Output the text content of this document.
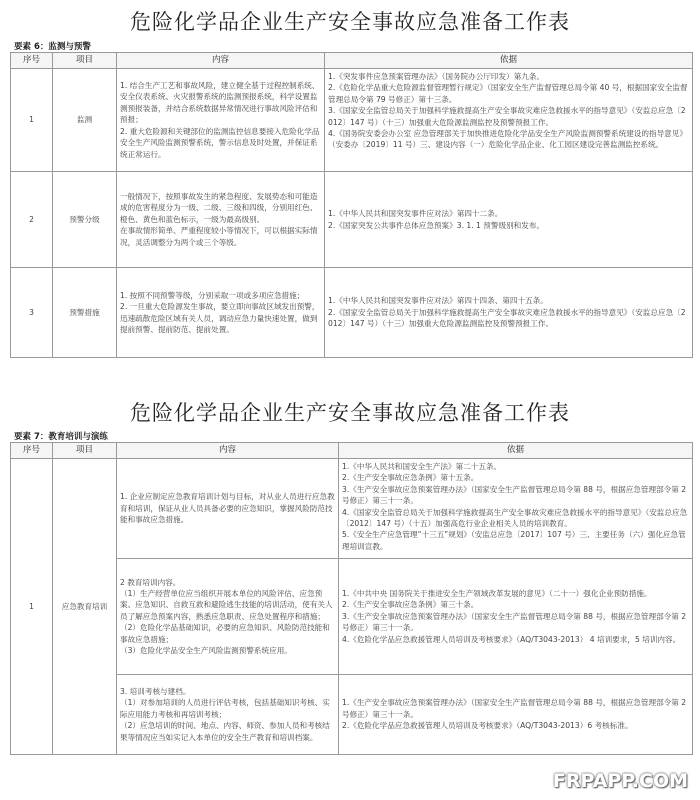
危险化学品企业生产安全事故应急准备工作表
要素 6：监测与预警
序号	项目	内容	依据
1	监测	1. 结合生产工艺和事故风险，建立健全基于过程控制系统、安全仪表系统、火灾报警系统的监测预报系统，科学设置监测预报装备，并结合系统数据异常情况进行事故风险评估和预报；
2. 重大危险源和关键部位的监测监控信息要接入危险化学品安全生产风险监测预警系统，警示信息及时处置，并保证系统正常运行。	1.《突发事件应急预案管理办法》（国务院办公厅印发）第九条。
2.《危险化学品重大危险源监督管理暂行规定》（国家安全生产监督管理总局令第 40 号，根据国家安全监督管理总局令第 79 号修正）第十三条。
3.《国家安全监管总局关于加强科学施救提高生产安全事故灾难应急救援水平的指导意见》（安监总应急〔2012〕147 号）（十三）加强重大危险源监测监控及预警预报工作。
4.《国务院安委会办公室 应急管理部关于加快推进危险化学品安全生产风险监测预警系统建设的指导意见》（安委办〔2019〕11 号）三、建设内容（一）危险化学品企业、化工园区建设完善监测监控系统。

2	预警分级	一般情况下，按照事故发生的紧急程度、发展势态和可能造成的危害程度分为一级、二级、三级和四级，分别用红色、橙色、黄色和蓝色标示，一级为最高级别。
在事故情形简单、严重程度较小等情况下，可以根据实际情况，灵活调整分为两个或三个等级。	1.《中华人民共和国突发事件应对法》第四十二条。
2.《国家突发公共事件总体应急预案》3. 1. 1 预警级别和发布。

3	预警措施	1. 按照不同预警等级，分别采取一项或多项应急措施；
2. 一旦重大危险源发生事故，要立即向事故区域发出预警，迅速疏散危险区域有关人员，调动应急力量快速处置，做到提前预警、提前防范、提前处置。	1.《中华人民共和国突发事件应对法》第四十四条、第四十五条。
2.《国家安全监管总局关于加强科学施救提高生产安全事故灾难应急救援水平的指导意见》（安监总应急〔2012〕147 号）（十三）加强重大危险源监测监控及预警预报工作。
危险化学品企业生产安全事故应急准备工作表
要素 7：教育培训与演练
序号	项目	内容	依据
1	应急教育培训	1. 企业应制定应急教育培训计划与目标，对从业人员进行应急教育和培训，保证从业人员具备必要的应急知识，掌握风险防范技能和事故应急措施。	1.《中华人民共和国安全生产法》第二十五条。
2.《生产安全事故应急条例》第十五条。
3.《生产安全事故应急预案管理办法》（国家安全生产监督管理总局令第 88 号，根据应急管理部令第 2 号修正）第三十一条。
4.《国家安全监管总局关于加强科学施救提高生产安全事故灾难应急救援水平的指导意见》（安监总应急〔2012〕147 号）（十五）加强高危行业企业相关人员的培训教育。
5.《安全生产应急管理“十三五”规划》（安监总应急〔2017〕107 号）三、主要任务（六）强化应急管理培训宣教。

		2 教育培训内容。
（1）生产经营单位应当组织开展本单位的风险评估、应急预案、应急知识、自救互救和避险逃生技能的培训活动，使有关人员了解应急预案内容，熟悉应急职责、应急处置程序和措施；
（2）危险化学品基础知识，必要的应急知识、风险防范技能和事故应急措施；
（3）危险化学品安全生产风险监测预警系统应用。	1.《中共中央 国务院关于推进安全生产领域改革发展的意见》（二十一）强化企业预防措施。
2.《生产安全事故应急条例》第三十条。
3.《生产安全事故应急预案管理办法》（国家安全生产监督管理总局令第 88 号，根据应急管理部令第 2 号修正）第三十一条。
4.《危险化学品应急救援管理人员培训及考核要求》（AQ/T3043-2013） 4 培训要求，5 培训内容。

		3. 培训考核与建档。
（1）对参加培训的人员进行评估考核，包括基础知识考核、实际应用能力考核和再培训考核；
（2）应急培训的时间、地点、内容、师资、参加人员和考核结果等情况应当如实记入本单位的安全生产教育和培训档案。	1.《生产安全事故应急预案管理办法》（国家安全生产监督管理总局令第 88 号，根据应急管理部令第 2 号修正）第三十一条。
2.《危险化学品应急救援管理人员培训及考核要求》（AQ/T3043-2013）6 考核标准。
FRPAPP.COM
